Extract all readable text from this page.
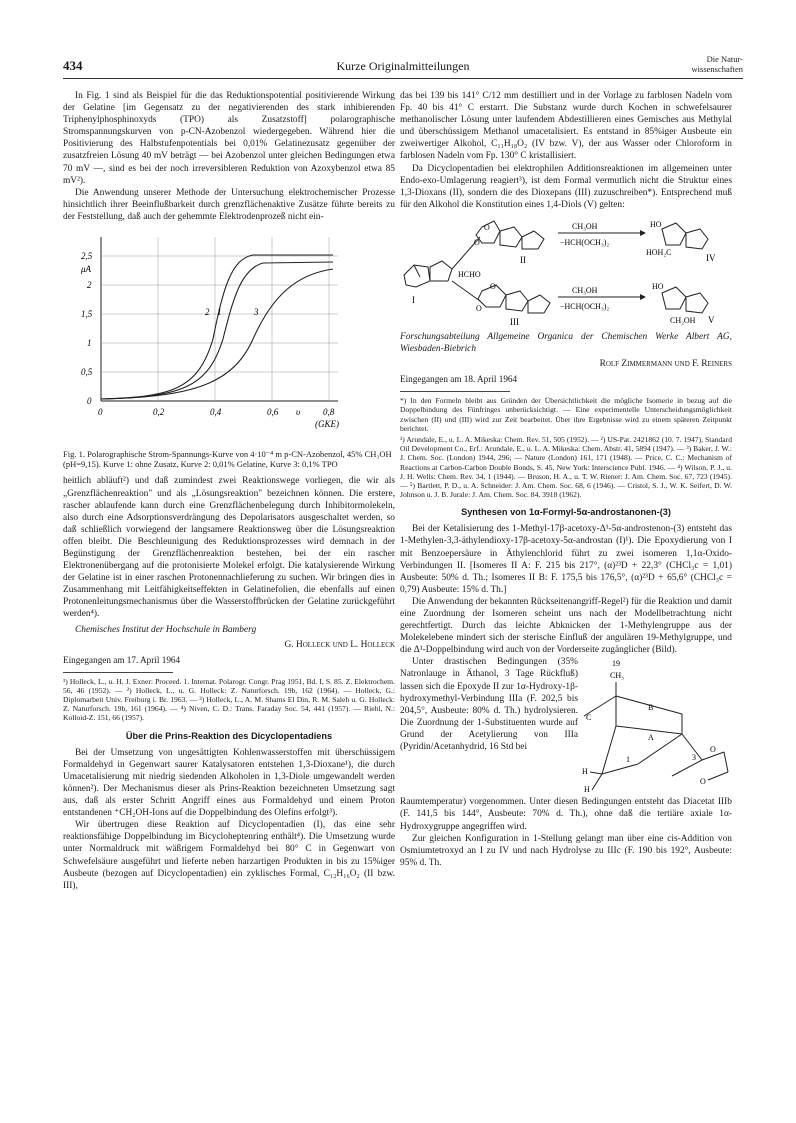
434	Kurze Originalmitteilungen	Die Natur-
wissenschaften

In Fig. 1 sind als Beispiel für die das Reduktionspotential positivierende Wirkung der Gelatine [im Gegensatz zu der negativierenden des stark inhibierenden Triphenylphosphinoxyds (TPO) als Zusatzstoff] polarographische Stromspannungskurven von p-CN-Azobenzol wiedergegeben. Während hier die Positivierung des Halbstufenpotentials bei 0,01% Gelatinezusatz gegenüber der zusatzfreien Lösung 40 mV beträgt — bei Azobenzol unter gleichen Bedingungen etwa 70 mV —, sind es bei der noch irreversibleren Reduktion von Azoxybenzol etwa 85 mV²).

Die Anwendung unserer Methode der Untersuchung elektrochemischer Prozesse hinsichtlich ihrer Beeinflußbarkeit durch grenzflächenaktive Zusätze führte bereits zu der Feststellung, daß auch der gehemmte Elektrodenprozeß nicht ein-

2,5
μA
2
1,5
1
0,5
0
0	0,2	0,4	0,6 υ	0,8
(GKE)
2 1	3

Fig. 1. Polarographische Strom-Spannungs-Kurve von 4·10⁻⁴ m p-CN-Azobenzol, 45% CH₃OH (pH=9,15). Kurve 1: ohne Zusatz, Kurve 2: 0,01% Gelatine, Kurve 3: 0,1% TPO

heitlich abläuft²) und daß zumindest zwei Reaktionswege vorliegen, die wir als „Grenzflächenreaktion" und als „Lösungsreaktion" bezeichnen können. Die erstere, rascher ablaufende kann durch eine Grenzflächenbelegung durch Inhibitormolekeln, also durch eine Adsorptionsverdrängung des Depolarisators ausgeschaltet werden, so daß schließlich vorwiegend der langsamere Reaktionsweg über die Lösungsreaktion offen bleibt. Die Beschleunigung des Reduktionsprozesses wird demnach in der Begünstigung der Grenzflächenreaktion bestehen, bei der ein rascher Elektronenübergang auf die protonisierte Molekel erfolgt. Die katalysierende Wirkung der Gelatine ist in einer raschen Protonennachlieferung zu suchen. Wir bringen dies in Zusammenhang mit Leitfähigkeitseffekten in Gelatinefolien, die ebenfalls auf einen Protonenleitungsmechanismus über die Wasserstoffbrücken der Gelatine zurückgeführt werden⁴).

Chemisches Institut der Hochschule in Bamberg

G. Holleck und L. Holleck

Eingegangen am 17. April 1964

¹) Holleck, L., u. H. J. Exner: Proceed. 1. Internat. Polarogr. Congr. Prag 1951, Bd. I, S. 85. Z. Elektrochem. 56, 46 (1952). — ²) Holleck, L., u. G. Holleck: Z. Naturforsch. 19b, 162 (1964). — Holleck, G.: Diplomarbeit Univ. Freiburg i. Br. 1963. — ³) Holleck, L., A. M. Shams El Din, R. M. Saleh u. G. Holleck: Z. Naturforsch. 19b, 161 (1964). — ⁴) Niven, C. D.: Trans. Faraday Soc. 54, 441 (1957). — Riehl, N.: Kolloid-Z. 151, 66 (1957).

Über die Prins-Reaktion des Dicyclopentadiens

Bei der Umsetzung von ungesättigten Kohlenwasserstoffen mit überschüssigem Formaldehyd in Gegenwart saurer Katalysatoren entstehen 1,3-Dioxane¹), die durch Umacetalisierung mit niedrig siedenden Alkoholen in 1,3-Diole umgewandelt werden können²). Der Mechanismus dieser als Prins-Reaktion bezeichneten Umsetzung sagt aus, daß als erster Schritt Angriff eines aus Formaldehyd und einem Proton entstandenen ⁺CH₂OH-Ions auf die Doppelbindung des Olefins erfolgt³).

Wir übertrugen diese Reaktion auf Dicyclopentadien (I), das eine sehr reaktionsfähige Doppelbindung im Bicycloheptenring enthält⁴). Die Umsetzung wurde unter Normaldruck mit wäßrigem Formaldehyd bei 80° C in Gegenwart von Schwefelsäure ausgeführt und lieferte neben harzartigen Produkten in bis zu 15%iger Ausbeute (bezogen auf Dicyclopentadien) ein zyklisches Formal, C₁₂H₁₆O₂ (II bzw. III),

das bei 139 bis 141° C/12 mm destilliert und in der Vorlage zu farblosen Nadeln vom Fp. 40 bis 41° C erstarrt. Die Substanz wurde durch Kochen in schwefelsaurer methanolischer Lösung unter laufendem Abdestillieren eines Gemisches aus Methylal und überschüssigem Methanol umacetalisiert. Es entstand in 85%iger Ausbeute ein zweiwertiger Alkohol, C₁₁H₁₈O₂ (IV bzw. V), der aus Wasser oder Chloroform in farblosen Nadeln vom Fp. 130° C kristallisiert.

Da Dicyclopentadien bei elektrophilen Additionsreaktionen im allgemeinen unter Endo-exo-Umlagerung reagiert³), ist dem Formal vermutlich nicht die Struktur eines 1,3-Dioxans (II), sondern die des Dioxepans (III) zuzuschreiben*). Entsprechend muß für den Alkohol die Konstitution eines 1,4-Diols (V) gelten:

I
HCHO
O
O
II
CH₃OH
−HCH(OCH₃)₂
HO
HOH₂C
IV
O
O
III
CH₃OH
−HCH(OCH₃)₂
HO
CH₂OH V

Forschungsabteilung Allgemeine Organica der Chemischen Werke Albert AG, Wiesbaden-Biebrich

Rolf Zimmermann und F. Reiners

Eingegangen am 18. April 1964

*) In den Formeln bleibt aus Gründen der Übersichtlichkeit die mögliche Isomerie in bezug auf die Doppelbindung des Fünfringes unberücksichtigt. — Eine experimentelle Unterscheidungsmöglichkeit zwischen (II) und (III) wird zur Zeit bearbeitet. Über ihre Ergebnisse wird zu einem späteren Zeitpunkt berichtet.

¹) Arundale, E., u. L. A. Mikeska: Chem. Rev. 51, 505 (1952). — ²) US-Pat. 2421862 (10. 7. 1947), Standard Oil Development Co., Erf.: Arundale, E., u. L. A. Mikeska: Chem. Abstr. 41, 5894 (1947). — ³) Baker, J. W.: J. Chem. Soc. (London) 1944, 296; — Nature (London) 161, 171 (1948). — Price, C. C.: Mechanism of Reactions at Carbon-Carbon Double Bonds, S. 45. New York: Interscience Publ. 1946. — ⁴) Wilson, P. J., u. J. H. Wells: Chem. Rev. 34, 1 (1944). — Bruson, H. A., u. T. W. Riener: J. Am. Chem. Soc. 67, 723 (1945). — ⁵) Bartlett, P. D., u. A. Schneider: J. Am. Chem. Soc. 68, 6 (1946). — Cristol, S. J., W. K. Seifert, D. W. Johnson u. J. B. Jurale: J. Am. Chem. Soc. 84, 3918 (1962).

Synthesen von 1α-Formyl-5α-androstanonen-(3)

Bei der Ketalisierung des 1-Methyl-17β-acetoxy-Δ¹-5α-androstenon-(3) entsteht das 1-Methylen-3,3-äthylendioxy-17β-acetoxy-5α-androstan (I)¹). Die Epoxydierung von I mit Benzoepersäure in Äthylenchlorid führt zu zwei isomeren 1,1α-Oxido-Verbindungen II. [Isomeres II A: F. 215 bis 217°, (α)²³D + 22,3° (CHCl₃c = 1,01) Ausbeute: 50% d. Th.; Isomeres II B: F. 175,5 bis 176,5°, (α)²³D + 65,6° (CHCl₃c = 0,79) Ausbeute: 15% d. Th.]

Die Anwendung der bekannten Rückseitenangriff-Regel²) für die Reaktion und damit eine Zuordnung der Isomeren scheint uns nach der Modellbetrachtung nicht gerechtfertigt. Durch das leichte Abknicken der 1-Methylengruppe aus der Molekelebene mindert sich der sterische Einfluß der angulären 19-Methylgruppe, und die Δ¹-Doppelbindung wird auch von der Vorderseite zugänglicher (Bild).

19
CH₃
C
B
A
1	3
H
H
O
O

Unter drastischen Bedingungen (35% Natronlauge in Äthanol, 3 Tage Rückfluß) lassen sich die Epoxyde II zur 1α-Hydroxy-1β-hydroxymethyl-Verbindung IIIa (F. 202,5 bis 204,5°, Ausbeute: 80% d. Th.) hydrolysieren. Die Zuordnung der 1-Substituenten wurde auf Grund der Acetylierung von IIIa (Pyridin/Acetanhydrid, 16 Std bei

Raumtemperatur) vorgenommen. Unter diesen Bedingungen entsteht das Diacetat IIIb (F. 141,5 bis 144°, Ausbeute: 70% d. Th.), ohne daß die tertiäre axiale 1α-Hydroxygruppe angegriffen wird.

Zur gleichen Konfiguration in 1-Stellung gelangt man über eine cis-Addition von Osmiumtetroxyd an I zu IV und nach Hydrolyse zu IIIc (F. 190 bis 192°, Ausbeute: 95% d. Th.
